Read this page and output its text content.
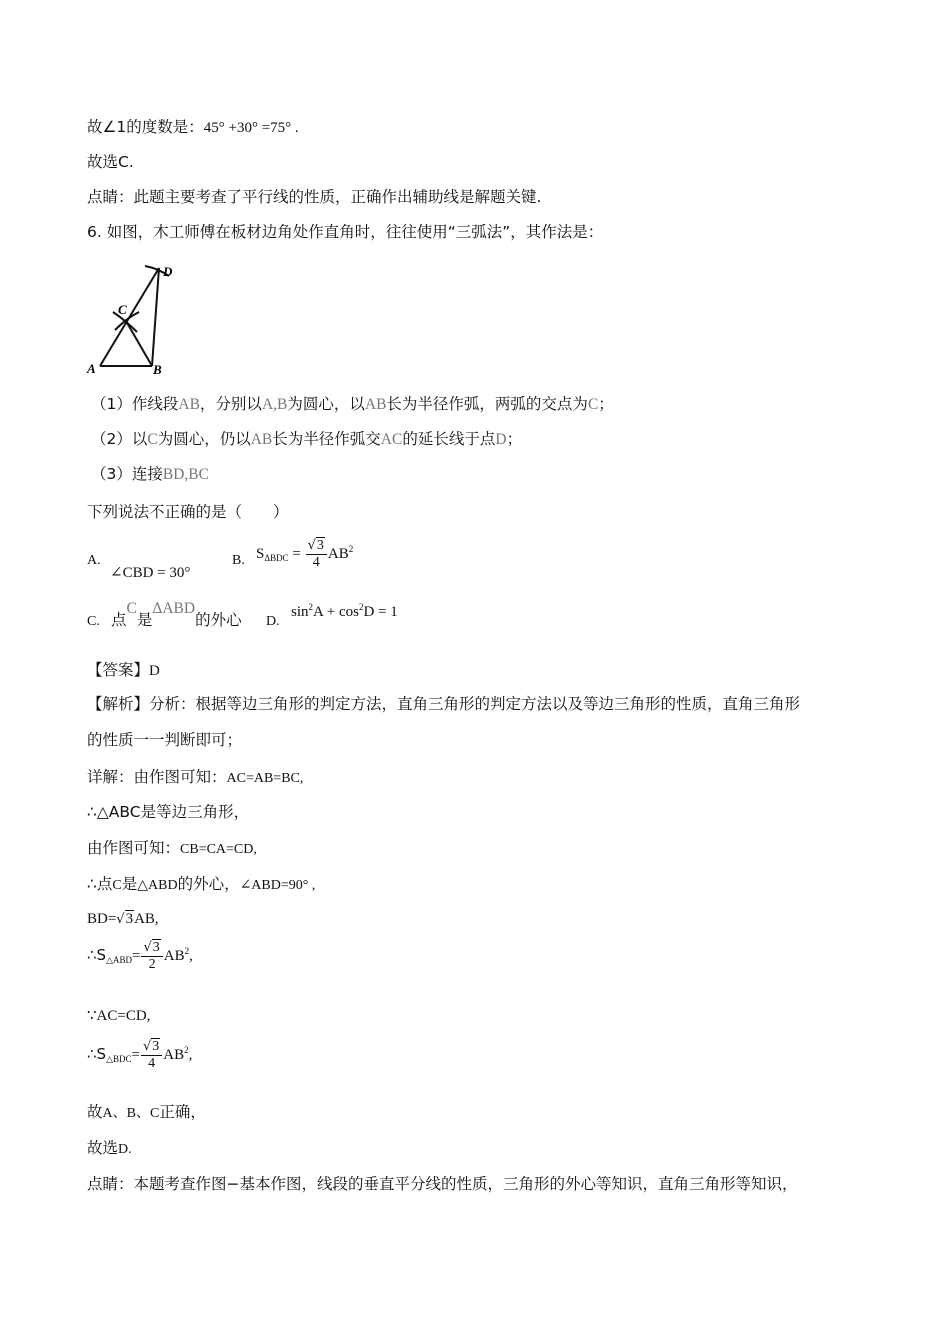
故∠1的度数是：45° +30° =75° .
故选C.
点睛：此题主要考查了平行线的性质，正确作出辅助线是解题关键.
6. 如图，木工师傅在板材边角处作直角时，往往使用“三弧法”，其作法是：
A	B
C
D
（1）作线段AB，分别以A,B为圆心，以AB长为半径作弧，两弧的交点为C；
（2）以C为圆心，仍以AB长为半径作弧交AC的延长线于点D；
（3）连接BD,BC
下列说法不正确的是（　　）
A.
∠CBD = 30°
B. $S_{\Delta BDC} = \frac{√3}{4} AB^2$
C. 点C是ΔABD的外心 D.
$\sin^2A + \cos^2D = 1$
【答案】D
【解析】分析：根据等边三角形的判定方法，直角三角形的判定方法以及等边三角形的性质，直角三角形
的性质一一判断即可；
详解：由作图可知：AC=AB=BC,
∴△ABC是等边三角形，
由作图可知：CB=CA=CD,
∴点C是△ABD的外心，∠ABD=90° ,
BD=√3AB,
$\therefore S_{\triangle ABD}= \frac{√3}{2} AB^2$,
∵AC=CD,
$\therefore S_{\triangle BDC}= \frac{√3}{4} AB^2$,
故A、B、C正确，
故选D.
点睛：本题考查作图−基本作图，线段的垂直平分线的性质，三角形的外心等知识，直角三角形等知识，
